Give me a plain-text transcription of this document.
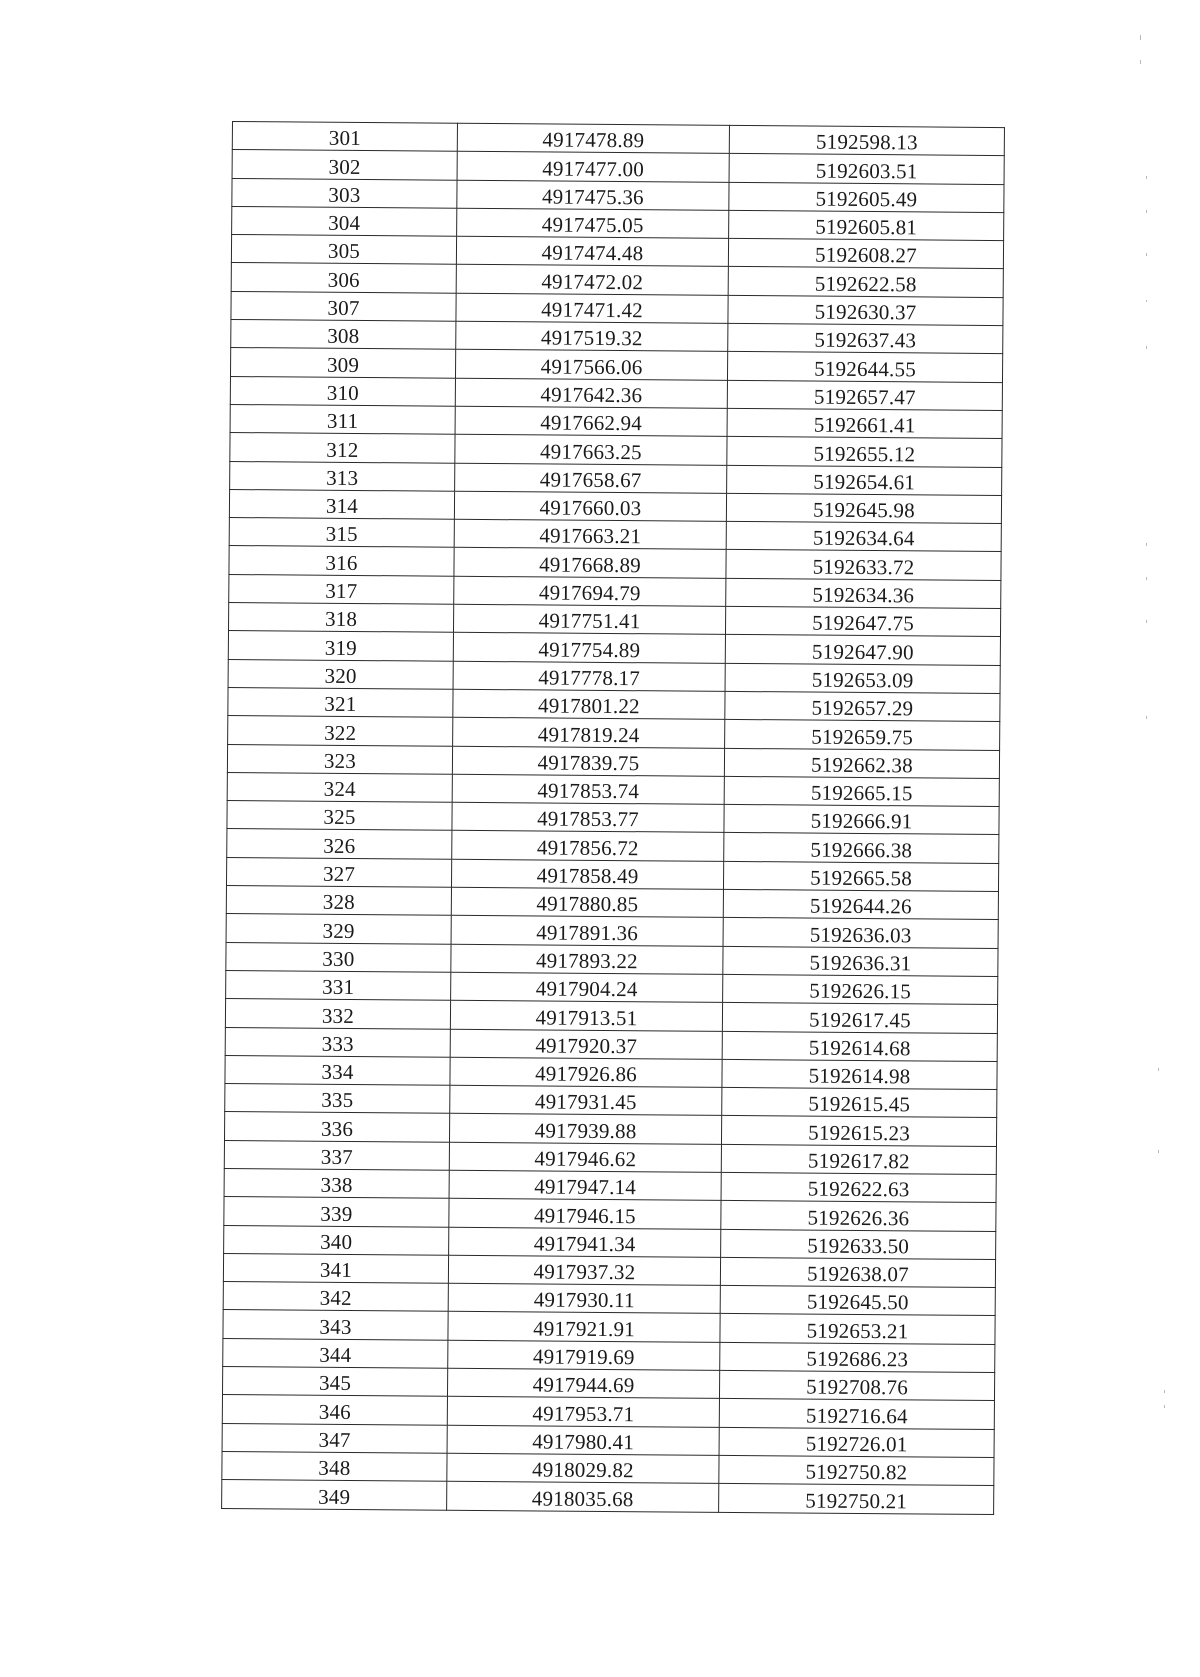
301	4917478.89	5192598.13
302	4917477.00	5192603.51
303	4917475.36	5192605.49
304	4917475.05	5192605.81
305	4917474.48	5192608.27
306	4917472.02	5192622.58
307	4917471.42	5192630.37
308	4917519.32	5192637.43
309	4917566.06	5192644.55
310	4917642.36	5192657.47
311	4917662.94	5192661.41
312	4917663.25	5192655.12
313	4917658.67	5192654.61
314	4917660.03	5192645.98
315	4917663.21	5192634.64
316	4917668.89	5192633.72
317	4917694.79	5192634.36
318	4917751.41	5192647.75
319	4917754.89	5192647.90
320	4917778.17	5192653.09
321	4917801.22	5192657.29
322	4917819.24	5192659.75
323	4917839.75	5192662.38
324	4917853.74	5192665.15
325	4917853.77	5192666.91
326	4917856.72	5192666.38
327	4917858.49	5192665.58
328	4917880.85	5192644.26
329	4917891.36	5192636.03
330	4917893.22	5192636.31
331	4917904.24	5192626.15
332	4917913.51	5192617.45
333	4917920.37	5192614.68
334	4917926.86	5192614.98
335	4917931.45	5192615.45
336	4917939.88	5192615.23
337	4917946.62	5192617.82
338	4917947.14	5192622.63
339	4917946.15	5192626.36
340	4917941.34	5192633.50
341	4917937.32	5192638.07
342	4917930.11	5192645.50
343	4917921.91	5192653.21
344	4917919.69	5192686.23
345	4917944.69	5192708.76
346	4917953.71	5192716.64
347	4917980.41	5192726.01
348	4918029.82	5192750.82
349	4918035.68	5192750.21
